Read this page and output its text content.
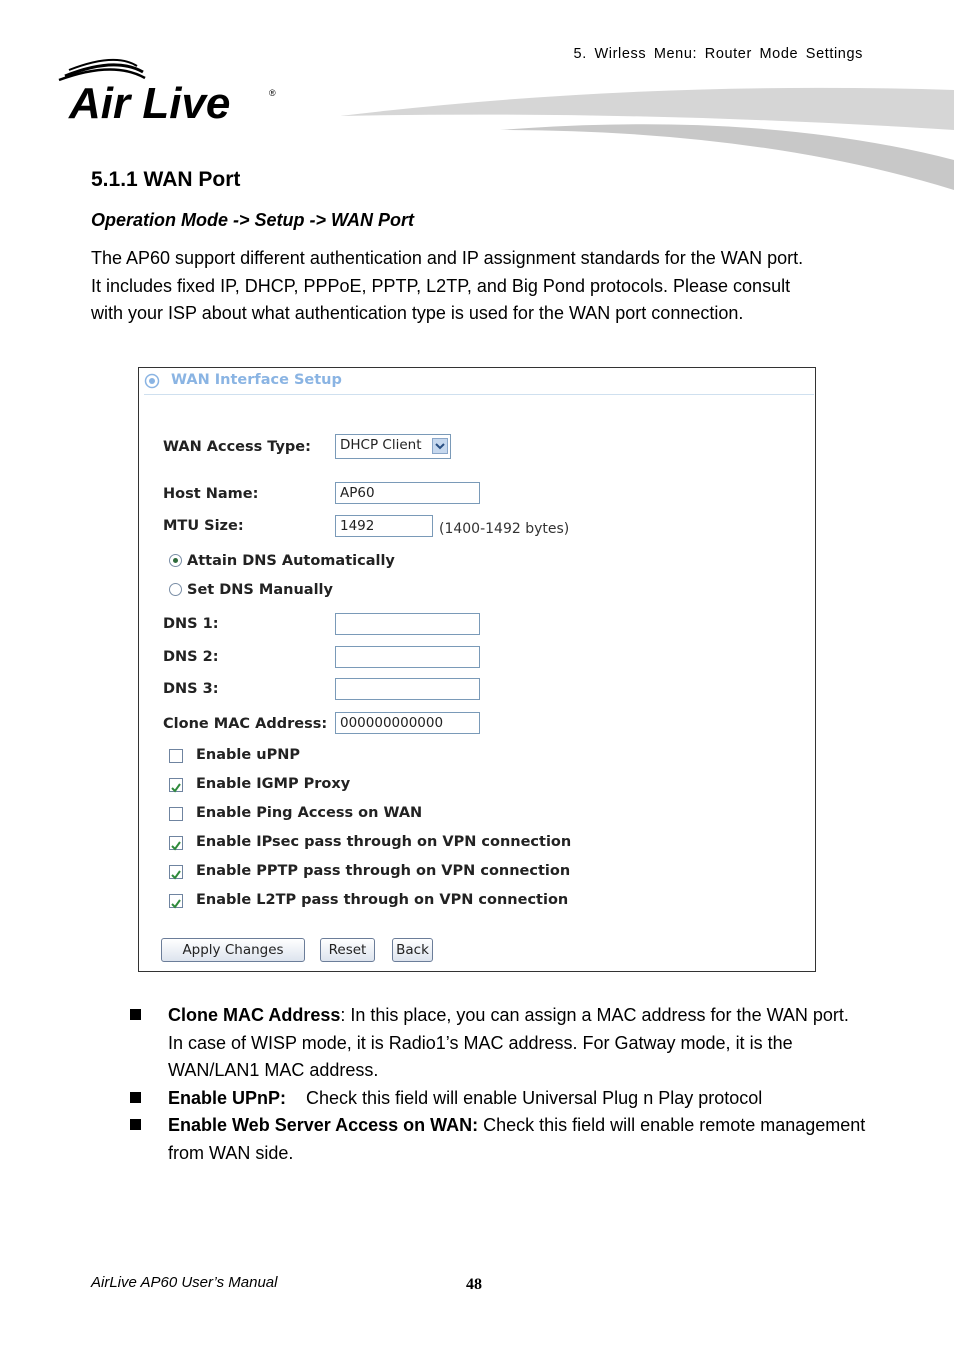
5. Wirless Menu: Router Mode Settings
Air Live	®
5.1.1 WAN Port
Operation Mode -> Setup -> WAN Port
The AP60 support different authentication and IP assignment standards for the WAN port.
It includes fixed IP, DHCP, PPPoE, PPTP, L2TP, and Big Pond protocols. Please consult
with your ISP about what authentication type is used for the WAN port connection.
WAN Interface Setup
WAN Access Type:	DHCP Client
Host Name:	AP60
MTU Size:	1492	(1400-1492 bytes)
Attain DNS Automatically
Set DNS Manually
DNS 1:
DNS 2:
DNS 3:
Clone MAC Address: 000000000000
Apply Changes	Reset	Back
Enable uPNP
Enable IGMP Proxy
Enable Ping Access on WAN
Enable IPsec pass through on VPN connection
Enable PPTP pass through on VPN connection
Enable L2TP pass through on VPN connection
Clone MAC Address: In this place, you can assign a MAC address for the WAN port. In case of WISP mode, it is Radio1’s MAC address. For Gatway mode, it is the WAN/LAN1 MAC address.
Enable UPnP:    Check this field will enable Universal Plug n Play protocol
Enable Web Server Access on WAN: Check this field will enable remote management from WAN side.
AirLive AP60 User’s Manual	48
